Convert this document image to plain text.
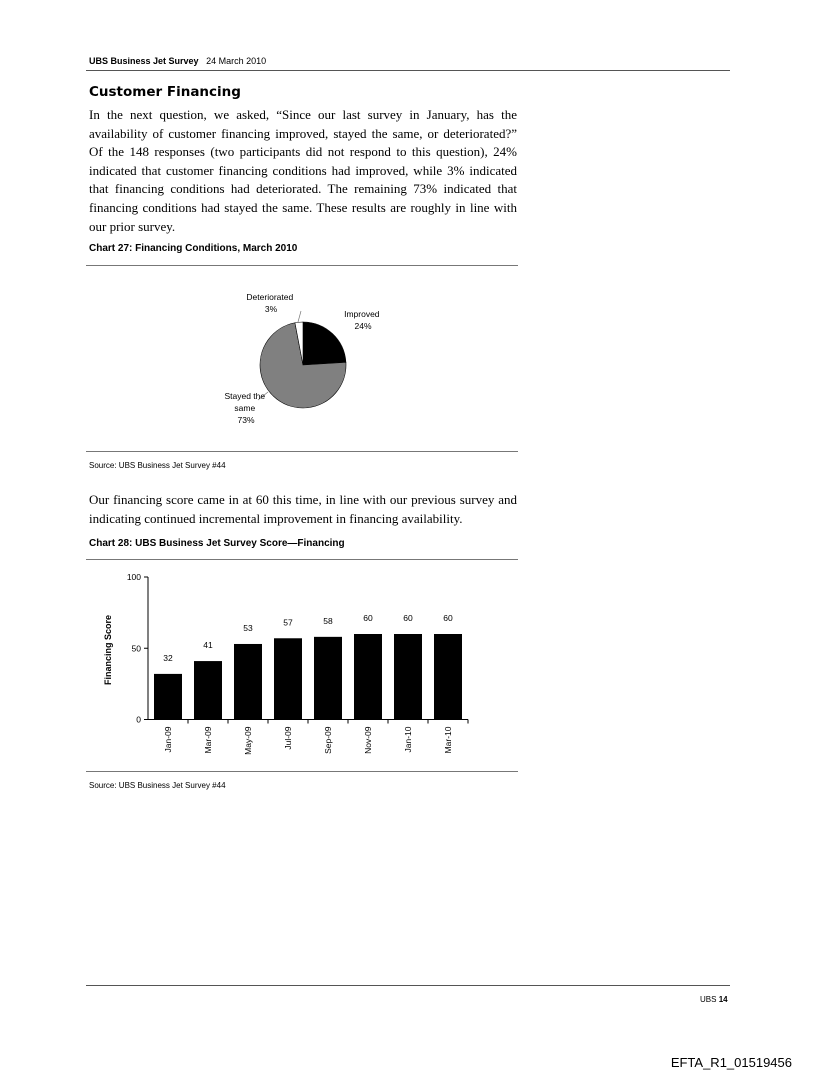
UBS Business Jet Survey 24 March 2010
Customer Financing

In the next question, we asked, “Since our last survey in January, has the availability of customer financing improved, stayed the same, or deteriorated?” Of the 148 responses (two participants did not respond to this question), 24% indicated that customer financing conditions had improved, while 3% indicated that financing conditions had deteriorated. The remaining 73% indicated that financing conditions had stayed the same. These results are roughly in line with our prior survey.

Chart 27: Financing Conditions, March 2010
Deteriorated 3%	Improved 24%
Stayed the same 73%
Source: UBS Business Jet Survey #44

Our financing score came in at 60 this time, in line with our previous survey and indicating continued incremental improvement in financing availability.

Chart 28: UBS Business Jet Survey Score—Financing
Financing Score
0
50
100
32
41
53
57	58	60	60	60
Jan-09	Mar-09	May-09	Jul-09	Sep-09	Nov-09	Jan-10	Mar-10
Source: UBS Business Jet Survey #44
UBS 14
EFTA_R1_01519456
